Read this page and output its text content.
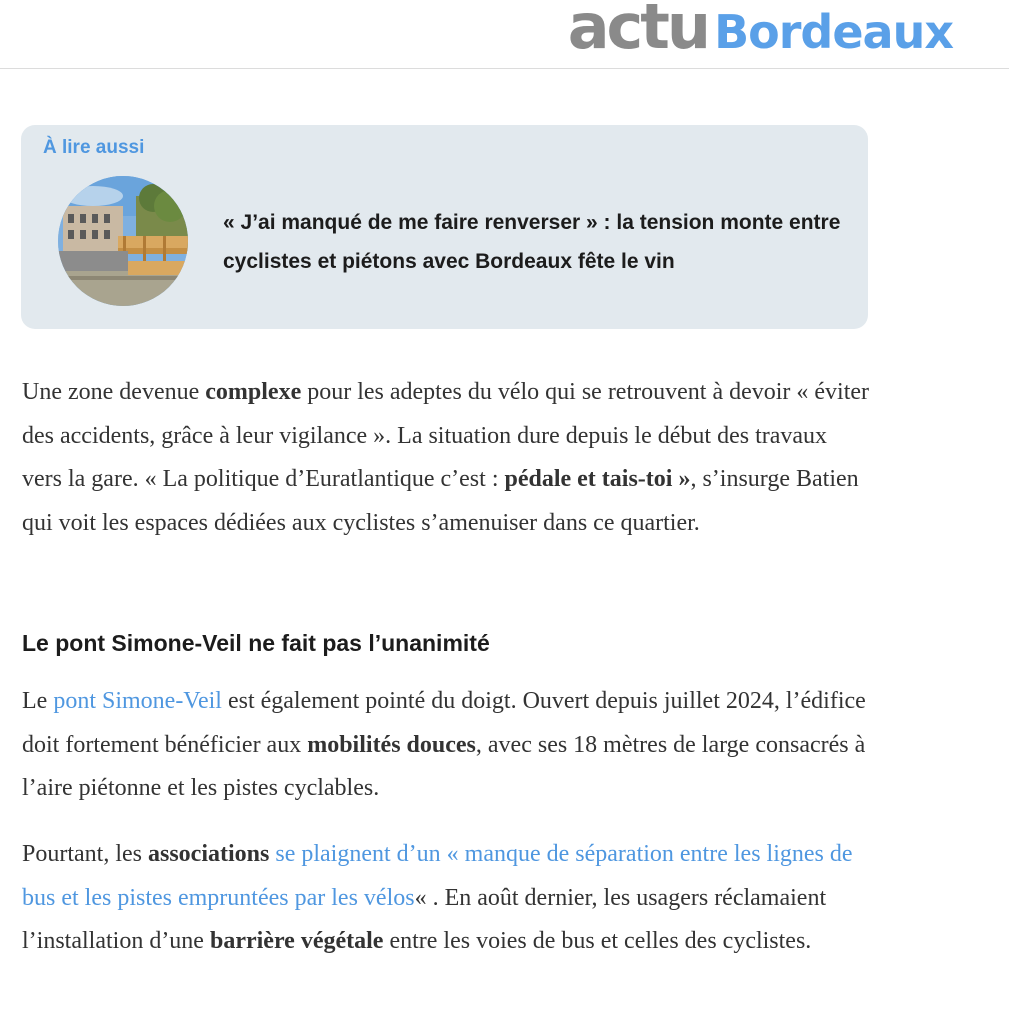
actu Bordeaux
À lire aussi
« J’ai manqué de me faire renverser » : la tension monte entre cyclistes et piétons avec Bordeaux fête le vin

Une zone devenue complexe pour les adeptes du vélo qui se retrouvent à devoir « éviter des accidents, grâce à leur vigilance ». La situation dure depuis le début des travaux vers la gare. « La politique d’Euratlantique c’est : pédale et tais-toi », s’insurge Batien qui voit les espaces dédiées aux cyclistes s’amenuiser dans ce quartier.

Le pont Simone-Veil ne fait pas l’unanimité

Le pont Simone-Veil est également pointé du doigt. Ouvert depuis juillet 2024, l’édifice doit fortement bénéficier aux mobilités douces, avec ses 18 mètres de large consacrés à l’aire piétonne et les pistes cyclables.

Pourtant, les associations se plaignent d’un « manque de séparation entre les lignes de bus et les pistes empruntées par les vélos« . En août dernier, les usagers réclamaient l’installation d’une barrière végétale entre les voies de bus et celles des cyclistes.
